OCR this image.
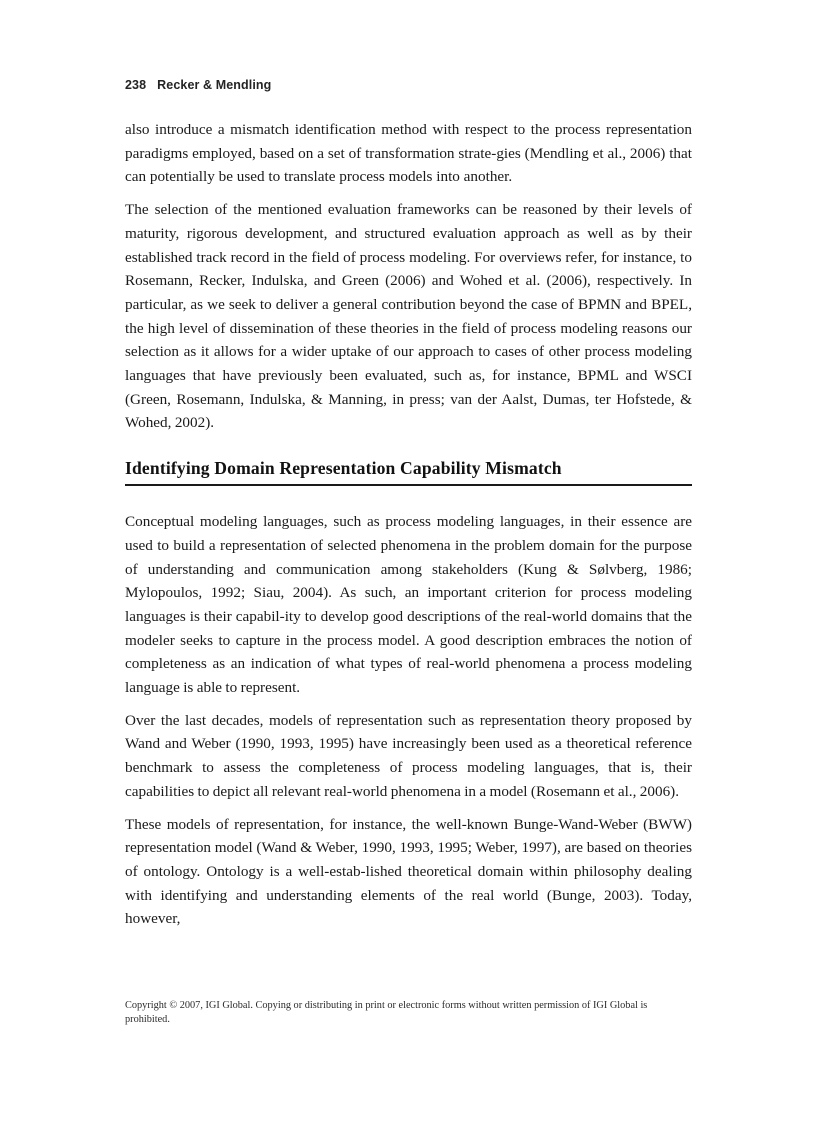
238 Recker & Mendling

also introduce a mismatch identification method with respect to the process representation paradigms employed, based on a set of transformation strate-gies (Mendling et al., 2006) that can potentially be used to translate process models into another.

The selection of the mentioned evaluation frameworks can be reasoned by their levels of maturity, rigorous development, and structured evaluation approach as well as by their established track record in the field of process modeling. For overviews refer, for instance, to Rosemann, Recker, Indulska, and Green (2006) and Wohed et al. (2006), respectively. In particular, as we seek to deliver a general contribution beyond the case of BPMN and BPEL, the high level of dissemination of these theories in the field of process modeling reasons our selection as it allows for a wider uptake of our approach to cases of other process modeling languages that have previously been evaluated, such as, for instance, BPML and WSCI (Green, Rosemann, Indulska, & Manning, in press; van der Aalst, Dumas, ter Hofstede, & Wohed, 2002).

Identifying Domain Representation Capability Mismatch

Conceptual modeling languages, such as process modeling languages, in their essence are used to build a representation of selected phenomena in the problem domain for the purpose of understanding and communication among stakeholders (Kung & Sølvberg, 1986; Mylopoulos, 1992; Siau, 2004). As such, an important criterion for process modeling languages is their capabil-ity to develop good descriptions of the real-world domains that the modeler seeks to capture in the process model. A good description embraces the notion of completeness as an indication of what types of real-world phenomena a process modeling language is able to represent.

Over the last decades, models of representation such as representation theory proposed by Wand and Weber (1990, 1993, 1995) have increasingly been used as a theoretical reference benchmark to assess the completeness of process modeling languages, that is, their capabilities to depict all relevant real-world phenomena in a model (Rosemann et al., 2006).

These models of representation, for instance, the well-known Bunge-Wand-Weber (BWW) representation model (Wand & Weber, 1990, 1993, 1995; Weber, 1997), are based on theories of ontology. Ontology is a well-estab-lished theoretical domain within philosophy dealing with identifying and understanding elements of the real world (Bunge, 2003). Today, however,

Copyright © 2007, IGI Global. Copying or distributing in print or electronic forms without written permission of IGI Global is prohibited.
